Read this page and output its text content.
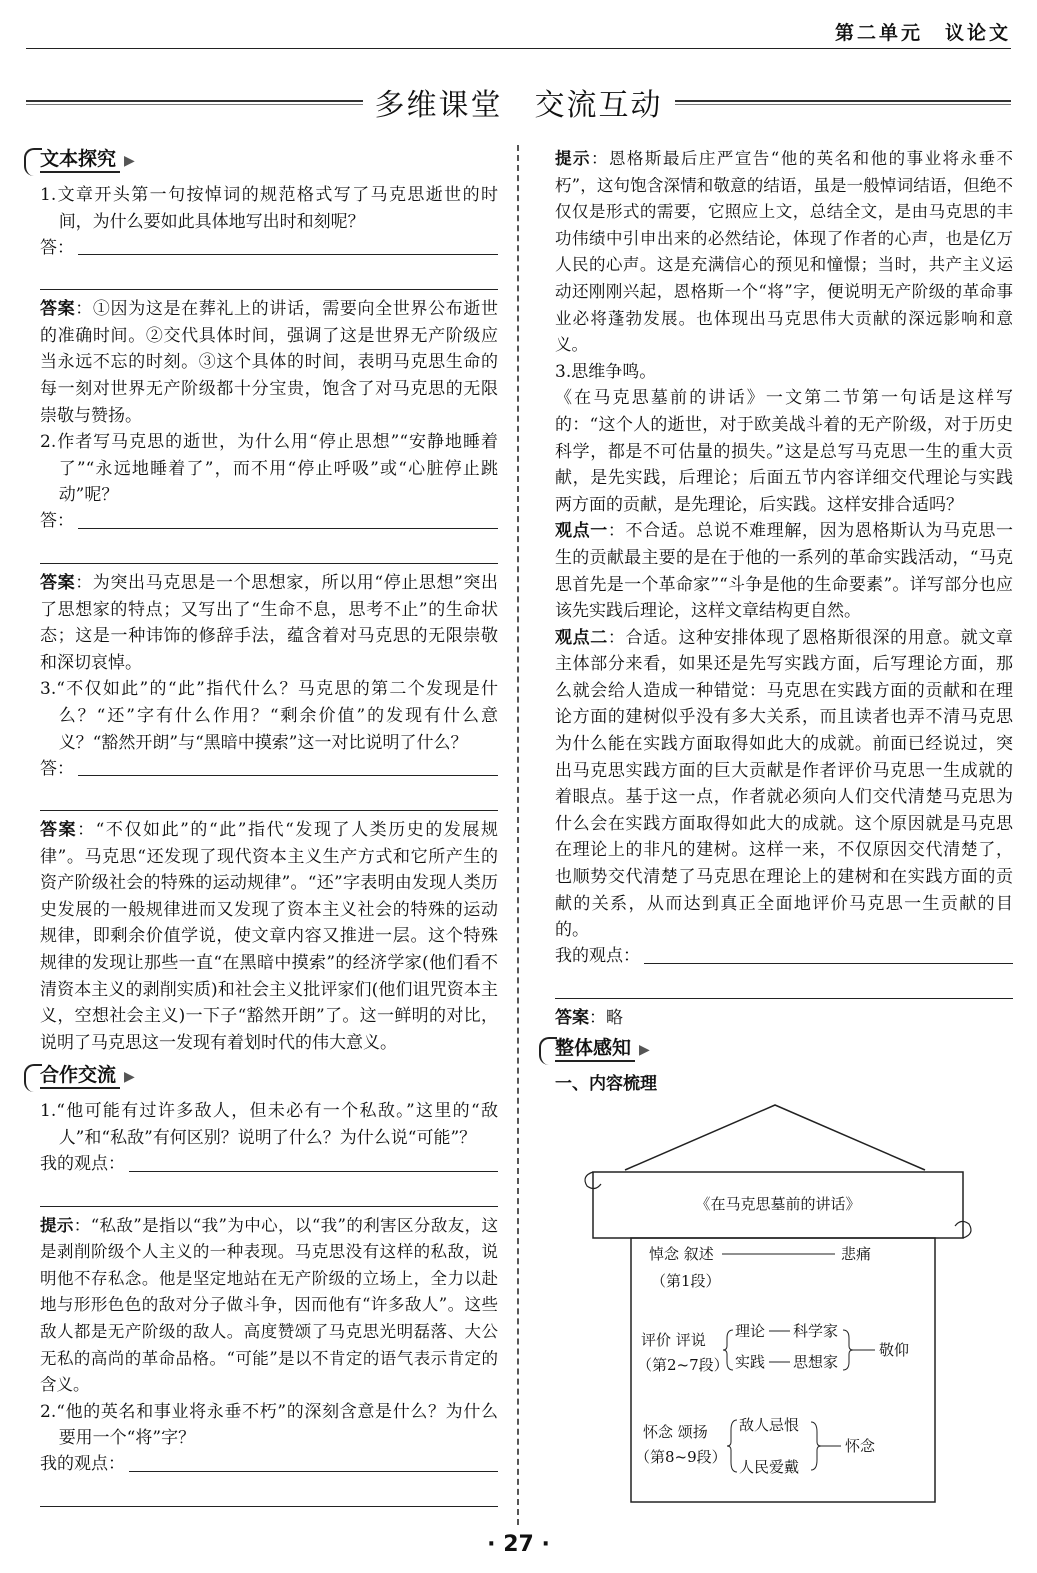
第二单元　议论文
多维课堂　交流互动
文本探究 ▶

1.文章开头第一句按悼词的规范格式写了马克思逝世的时间，为什么要如此具体地写出时和刻呢？

答：

答案：①因为这是在葬礼上的讲话，需要向全世界公布逝世的准确时间。②交代具体时间，强调了这是世界无产阶级应当永远不忘的时刻。③这个具体的时间，表明马克思生命的每一刻对世界无产阶级都十分宝贵，饱含了对马克思的无限崇敬与赞扬。

2.作者写马克思的逝世，为什么用“停止思想”“安静地睡着了”“永远地睡着了”，而不用“停止呼吸”或“心脏停止跳动”呢？

答：

答案：为突出马克思是一个思想家，所以用“停止思想”突出了思想家的特点；又写出了“生命不息，思考不止”的生命状态；这是一种讳饰的修辞手法，蕴含着对马克思的无限崇敬和深切哀悼。

3.“不仅如此”的“此”指代什么？马克思的第二个发现是什么？“还”字有什么作用？“剩余价值”的发现有什么意义？“豁然开朗”与“黑暗中摸索”这一对比说明了什么？

答：

答案：“不仅如此”的“此”指代“发现了人类历史的发展规律”。马克思“还发现了现代资本主义生产方式和它所产生的资产阶级社会的特殊的运动规律”。“还”字表明由发现人类历史发展的一般规律进而又发现了资本主义社会的特殊的运动规律，即剩余价值学说，使文章内容又推进一层。这个特殊规律的发现让那些一直“在黑暗中摸索”的经济学家(他们看不清资本主义的剥削实质)和社会主义批评家们(他们诅咒资本主义，空想社会主义)一下子“豁然开朗”了。这一鲜明的对比，说明了马克思这一发现有着划时代的伟大意义。

合作交流 ▶

1.“他可能有过许多敌人，但未必有一个私敌。”这里的“敌人”和“私敌”有何区别？说明了什么？为什么说“可能”？

我的观点：

提示：“私敌”是指以“我”为中心，以“我”的利害区分敌友，这是剥削阶级个人主义的一种表现。马克思没有这样的私敌，说明他不存私念。他是坚定地站在无产阶级的立场上，全力以赴地与形形色色的敌对分子做斗争，因而他有“许多敌人”。这些敌人都是无产阶级的敌人。高度赞颂了马克思光明磊落、大公无私的高尚的革命品格。“可能”是以不肯定的语气表示肯定的含义。

2.“他的英名和事业将永垂不朽”的深刻含意是什么？为什么要用一个“将”字？

我的观点：

提示：恩格斯最后庄严宣告“他的英名和他的事业将永垂不朽”，这句饱含深情和敬意的结语，虽是一般悼词结语，但绝不仅仅是形式的需要，它照应上文，总结全文，是由马克思的丰功伟绩中引申出来的必然结论，体现了作者的心声，也是亿万人民的心声。这是充满信心的预见和憧憬；当时，共产主义运动还刚刚兴起，恩格斯一个“将”字，便说明无产阶级的革命事业必将蓬勃发展。也体现出马克思伟大贡献的深远影响和意义。

3.思维争鸣。

《在马克思墓前的讲话》一文第二节第一句话是这样写的：“这个人的逝世，对于欧美战斗着的无产阶级，对于历史科学，都是不可估量的损失。”这是总写马克思一生的重大贡献，是先实践，后理论；后面五节内容详细交代理论与实践两方面的贡献，是先理论，后实践。这样安排合适吗？

观点一：不合适。总说不难理解，因为恩格斯认为马克思一生的贡献最主要的是在于他的一系列的革命实践活动，“马克思首先是一个革命家”“斗争是他的生命要素”。详写部分也应该先实践后理论，这样文章结构更自然。

观点二：合适。这种安排体现了恩格斯很深的用意。就文章主体部分来看，如果还是先写实践方面，后写理论方面，那么就会给人造成一种错觉：马克思在实践方面的贡献和在理论方面的建树似乎没有多大关系，而且读者也弄不清马克思为什么能在实践方面取得如此大的成就。前面已经说过，突出马克思实践方面的巨大贡献是作者评价马克思一生成就的着眼点。基于这一点，作者就必须向人们交代清楚马克思为什么会在实践方面取得如此大的成就。这个原因就是马克思在理论上的非凡的建树。这样一来，不仅原因交代清楚了，也顺势交代清楚了马克思在理论上的建树和在实践方面的贡献的关系，从而达到真正全面地评价马克思一生贡献的目的。

我的观点：

答案：略

整体感知 ▶

一、内容梳理

《在马克思墓前的讲话》
悼念 叙述	悲痛
（第1段）
评价 评说
（第2~7段）
理论 科学家
实践 思想家
敬仰
怀念 颂扬
（第8~9段）
敌人忌恨
人民爱戴
怀念
· 27 ·
